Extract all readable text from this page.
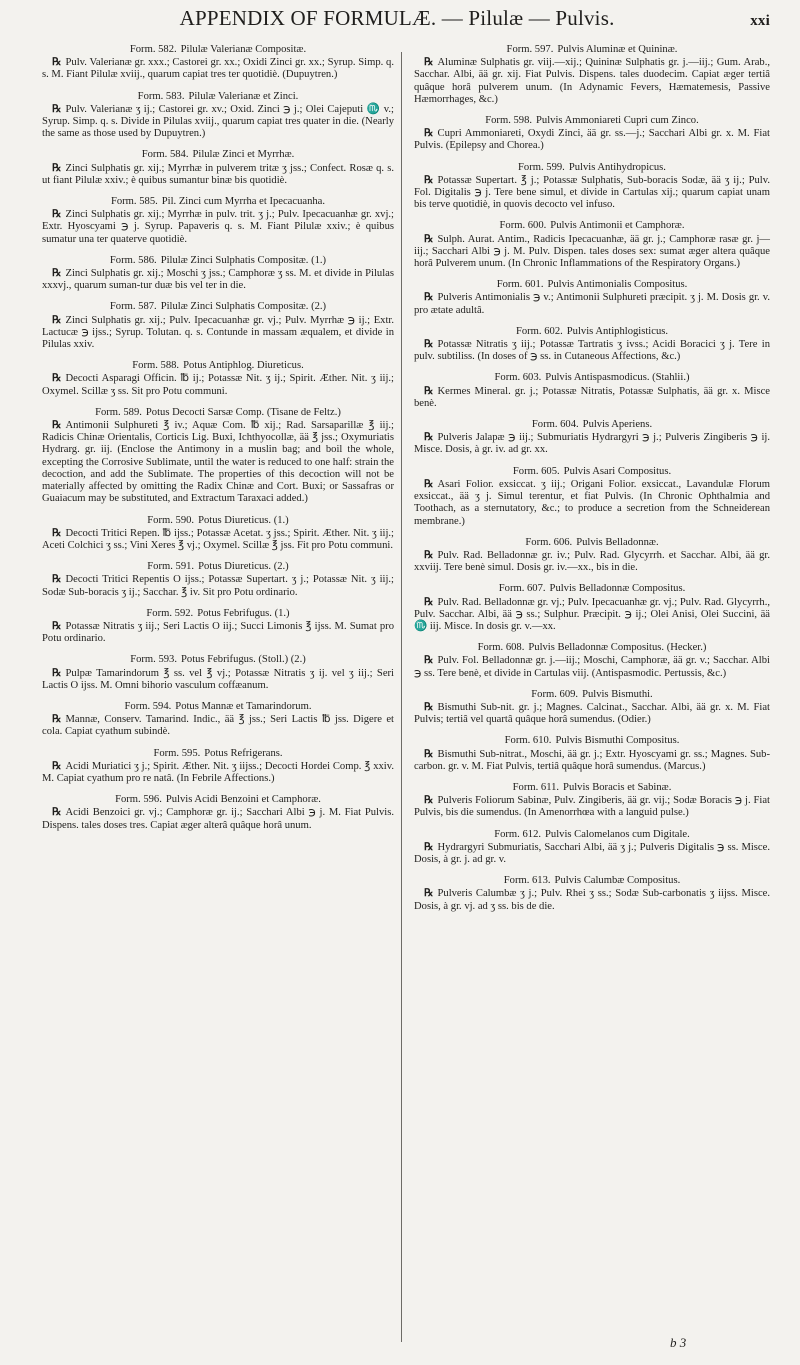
APPENDIX OF FORMULÆ. — Pilulæ — Pulvis.	xxi
Form. 582. Pilulæ Valerianæ Compositæ.
℞ Pulv. Valerianæ gr. xxx.; Castorei gr. xx.; Oxidi Zinci gr. xx.; Syrup. Simp. q. s. M. Fiant Pilulæ xviij., quarum capiat tres ter quotidiè. (Dupuytren.)
Form. 583. Pilulæ Valerianæ et Zinci.
℞ Pulv. Valerianæ ʒ ij.; Castorei gr. xv.; Oxid. Zinci ℈ j.; Olei Cajeputi ♏ v.; Syrup. Simp. q. s. Divide in Pilulas xviij., quarum capiat tres quater in die. (Nearly the same as those used by Dupuytren.)
Form. 584. Pilulæ Zinci et Myrrhæ.
℞ Zinci Sulphatis gr. xij.; Myrrhæ in pulverem tritæ ʒ jss.; Confect. Rosæ q. s. ut fiant Pilulæ xxiv.; è quibus sumantur binæ bis quotidiè.
Form. 585. Pil. Zinci cum Myrrha et Ipecacuanha.
℞ Zinci Sulphatis gr. xij.; Myrrhæ in pulv. trit. ʒ j.; Pulv. Ipecacuanhæ gr. xvj.; Extr. Hyoscyami ℈ j. Syrup. Papaveris q. s. M. Fiant Pilulæ xxiv.; è quibus sumatur una ter quaterve quotidiè.
Form. 586. Pilulæ Zinci Sulphatis Compositæ. (1.)
℞ Zinci Sulphatis gr. xij.; Moschi ʒ jss.; Camphoræ ʒ ss. M. et divide in Pilulas xxxvj., quarum suman-tur duæ bis vel ter in die.
Form. 587. Pilulæ Zinci Sulphatis Compositæ. (2.)
℞ Zinci Sulphatis gr. xij.; Pulv. Ipecacuanhæ gr. vj.; Pulv. Myrrhæ ℈ ij.; Extr. Lactucæ ℈ ijss.; Syrup. Tolutan. q. s. Contunde in massam æqualem, et divide in Pilulas xxiv.
Form. 588. Potus Antiphlog. Diureticus.
℞ Decocti Asparagi Officin. ℔ ij.; Potassæ Nit. ʒ ij.; Spirit. Æther. Nit. ʒ iij.; Oxymel. Scillæ ʒ ss. Sit pro Potu communi.
Form. 589. Potus Decocti Sarsæ Comp. (Tisane de Feltz.)
℞ Antimonii Sulphureti ℥ iv.; Aquæ Com. ℔ xij.; Rad. Sarsaparillæ ℥ iij.; Radicis Chinæ Orientalis, Corticis Lig. Buxi, Ichthyocollæ, ää ℥ jss.; Oxymuriatis Hydrarg. gr. iij. (Enclose the Antimony in a muslin bag; and boil the whole, excepting the Corrosive Sublimate, until the water is reduced to one half: strain the decoction, and add the Sublimate. The properties of this decoction will not be materially affected by omitting the Radix Chinæ and Cort. Buxi; or Sassafras or Guaiacum may be substituted, and Extractum Taraxaci added.)
Form. 590. Potus Diureticus. (1.)
℞ Decocti Tritici Repen. ℔ ijss.; Potassæ Acetat. ʒ jss.; Spirit. Æther. Nit. ʒ iij.; Aceti Colchici ʒ ss.; Vini Xeres ℥ vj.; Oxymel. Scillæ ℥ jss. Fit pro Potu communi.
Form. 591. Potus Diureticus. (2.)
℞ Decocti Tritici Repentis O ijss.; Potassæ Supertart. ʒ j.; Potassæ Nit. ʒ iij.; Sodæ Sub-boracis ʒ ij.; Sacchar. ℥ iv. Sit pro Potu ordinario.
Form. 592. Potus Febrifugus. (1.)
℞ Potassæ Nitratis ʒ iij.; Seri Lactis O iij.; Succi Limonis ℥ ijss. M. Sumat pro Potu ordinario.
Form. 593. Potus Febrifugus. (Stoll.) (2.)
℞ Pulpæ Tamarindorum ℥ ss. vel ℥ vj.; Potassæ Nitratis ʒ ij. vel ʒ iij.; Seri Lactis O ijss. M. Omni bihorio vasculum coffæanum.
Form. 594. Potus Mannæ et Tamarindorum.
℞ Mannæ, Conserv. Tamarind. Indic., ää ℥ jss.; Seri Lactis ℔ jss. Digere et cola. Capiat cyathum subindè.
Form. 595. Potus Refrigerans.
℞ Acidi Muriatici ʒ j.; Spirit. Æther. Nit. ʒ iijss.; Decocti Hordei Comp. ℥ xxiv. M. Capiat cyathum pro re natâ. (In Febrile Affections.)
Form. 596. Pulvis Acidi Benzoini et Camphoræ.
℞ Acidi Benzoici gr. vj.; Camphoræ gr. ij.; Sacchari Albi ℈ j. M. Fiat Pulvis. Dispens. tales doses tres. Capiat æger alterâ quâque horâ unum.
Form. 597. Pulvis Aluminæ et Quininæ.
℞ Aluminæ Sulphatis gr. viij.—xij.; Quininæ Sulphatis gr. j.—iij.; Gum. Arab., Sacchar. Albi, ää gr. xij. Fiat Pulvis. Dispens. tales duodecim. Capiat æger tertiâ quâque horâ pulverem unum. (In Adynamic Fevers, Hæmatemesis, Passive Hæmorrhages, &c.)
Form. 598. Pulvis Ammoniareti Cupri cum Zinco.
℞ Cupri Ammoniareti, Oxydi Zinci, ää gr. ss.—j.; Sacchari Albi gr. x. M. Fiat Pulvis. (Epilepsy and Chorea.)
Form. 599. Pulvis Antihydropicus.
℞ Potassæ Supertart. ℥ j.; Potassæ Sulphatis, Sub-boracis Sodæ, ää ʒ ij.; Pulv. Fol. Digitalis ℈ j. Tere bene simul, et divide in Cartulas xij.; quarum capiat unam bis terve quotidiè, in quovis decocto vel infuso.
Form. 600. Pulvis Antimonii et Camphoræ.
℞ Sulph. Aurat. Antim., Radicis Ipecacuanhæ, ää gr. j.; Camphoræ rasæ gr. j—iij.; Sacchari Albi ℈ j. M. Pulv. Dispen. tales doses sex: sumat æger altera quâque horâ Pulverem unum. (In Chronic Inflammations of the Respiratory Organs.)
Form. 601. Pulvis Antimonialis Compositus.
℞ Pulveris Antimonialis ℈ v.; Antimonii Sulphureti præcipit. ʒ j. M. Dosis gr. v. pro ætate adultâ.
Form. 602. Pulvis Antiphlogisticus.
℞ Potassæ Nitratis ʒ iij.; Potassæ Tartratis ʒ ivss.; Acidi Boracici ʒ j. Tere in pulv. subtiliss. (In doses of ℈ ss. in Cutaneous Affections, &c.)
Form. 603. Pulvis Antispasmodicus. (Stahlii.)
℞ Kermes Mineral. gr. j.; Potassæ Nitratis, Potassæ Sulphatis, ää gr. x. Misce benè.
Form. 604. Pulvis Aperiens.
℞ Pulveris Jalapæ ℈ iij.; Submuriatis Hydrargyri ℈ j.; Pulveris Zingiberis ℈ ij. Misce. Dosis, à gr. iv. ad gr. xx.
Form. 605. Pulvis Asari Compositus.
℞ Asari Folior. exsiccat. ʒ iij.; Origani Folior. exsiccat., Lavandulæ Florum exsiccat., ää ʒ j. Simul terentur, et fiat Pulvis. (In Chronic Ophthalmia and Toothach, as a sternutatory, &c.; to produce a secretion from the Schneiderean membrane.)
Form. 606. Pulvis Belladonnæ.
℞ Pulv. Rad. Belladonnæ gr. iv.; Pulv. Rad. Glycyrrh. et Sacchar. Albi, ää gr. xxviij. Tere benè simul. Dosis gr. iv.—xx., bis in die.
Form. 607. Pulvis Belladonnæ Compositus.
℞ Pulv. Rad. Belladonnæ gr. vj.; Pulv. Ipecacuanhæ gr. vj.; Pulv. Rad. Glycyrrh., Pulv. Sacchar. Albi, ää ℈ ss.; Sulphur. Præcipit. ℈ ij.; Olei Anisi, Olei Succini, ää ♏ iij. Misce. In dosis gr. v.—xx.
Form. 608. Pulvis Belladonnæ Compositus. (Hecker.)
℞ Pulv. Fol. Belladonnæ gr. j.—iij.; Moschi, Camphoræ, ää gr. v.; Sacchar. Albi ℈ ss. Tere benè, et divide in Cartulas viij. (Antispasmodic. Pertussis, &c.)
Form. 609. Pulvis Bismuthi.
℞ Bismuthi Sub-nit. gr. j.; Magnes. Calcinat., Sacchar. Albi, ää gr. x. M. Fiat Pulvis; tertiâ vel quartâ quâque horâ sumendus. (Odier.)
Form. 610. Pulvis Bismuthi Compositus.
℞ Bismuthi Sub-nitrat., Moschi, ää gr. j.; Extr. Hyoscyami gr. ss.; Magnes. Sub-carbon. gr. v. M. Fiat Pulvis, tertiâ quâque horâ sumendus. (Marcus.)
Form. 611. Pulvis Boracis et Sabinæ.
℞ Pulveris Foliorum Sabinæ, Pulv. Zingiberis, ää gr. vij.; Sodæ Boracis ℈ j. Fiat Pulvis, bis die sumendus. (In Amenorrhœa with a languid pulse.)
Form. 612. Pulvis Calomelanos cum Digitale.
℞ Hydrargyri Submuriatis, Sacchari Albi, ää ʒ j.; Pulveris Digitalis ℈ ss. Misce. Dosis, à gr. j. ad gr. v.
Form. 613. Pulvis Calumbæ Compositus.
℞ Pulveris Calumbæ ʒ j.; Pulv. Rhei ʒ ss.; Sodæ Sub-carbonatis ʒ iijss. Misce. Dosis, à gr. vj. ad ʒ ss. bis de die.
b 3
